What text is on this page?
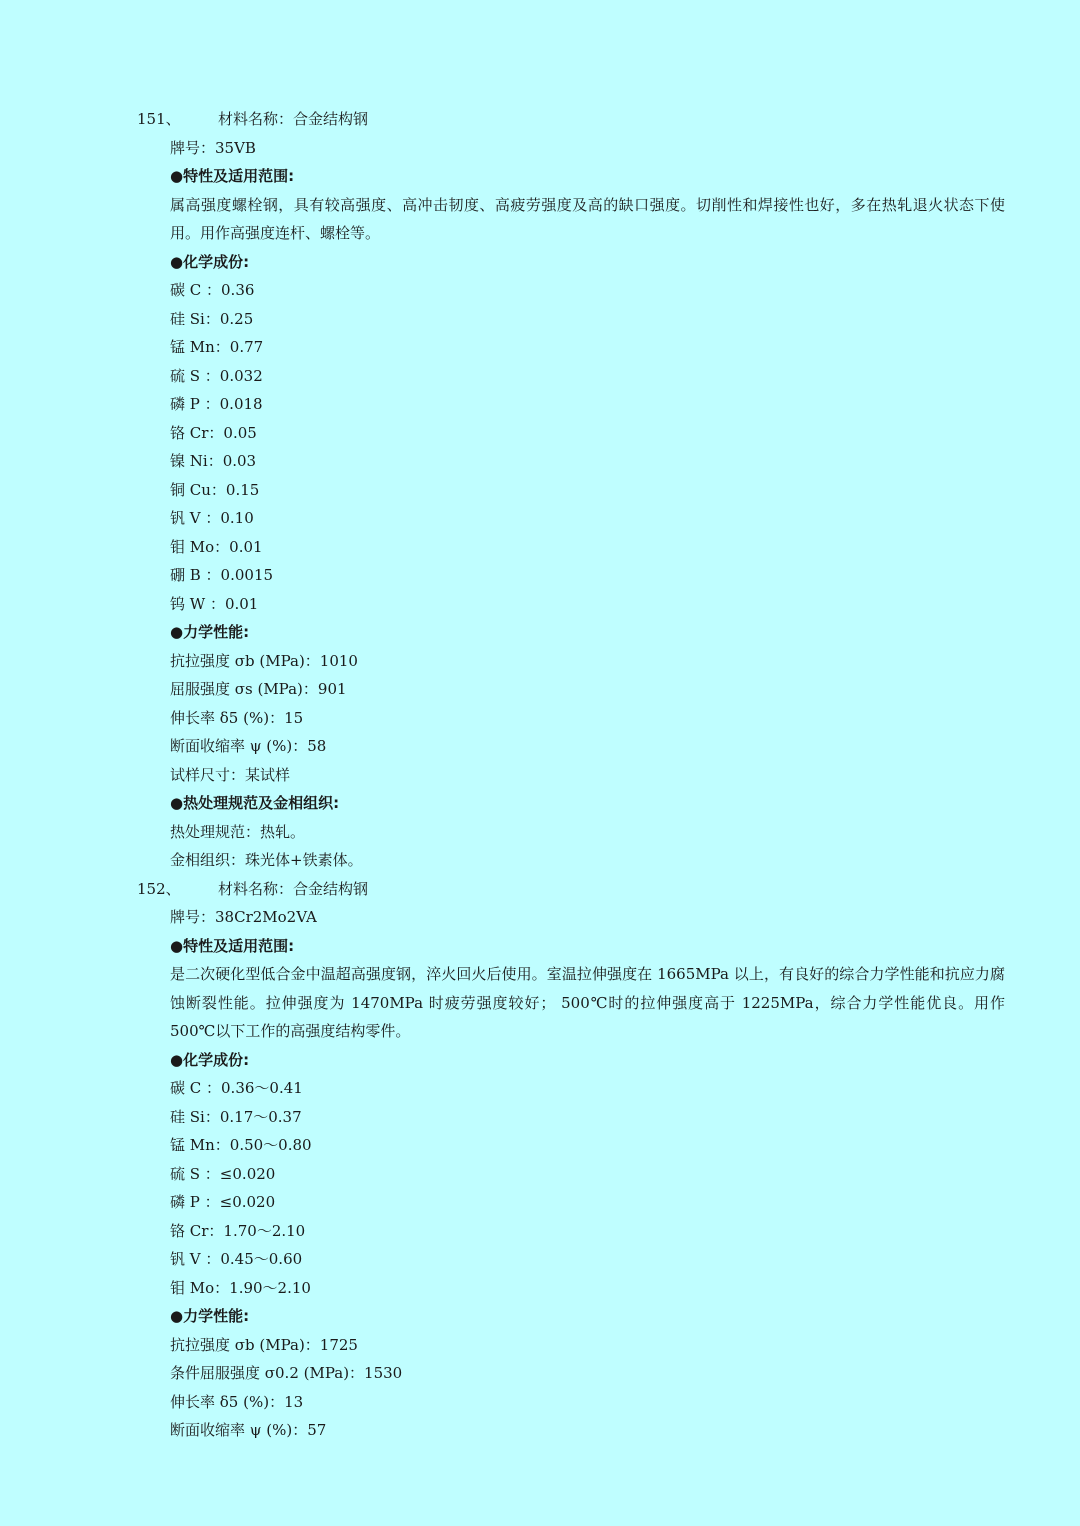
151、 材料名称：合金结构钢
牌号：35VB
●特性及适用范围:
属高强度螺栓钢，具有较高强度、高冲击韧度、高疲劳强度及高的缺口强度。切削性和焊接性也好，多在热轧退火状态下使用。用作高强度连杆、螺栓等。
●化学成份:
碳 C ：0.36
硅 Si：0.25
锰 Mn：0.77
硫 S ：0.032
磷 P ：0.018
铬 Cr：0.05
镍 Ni：0.03
铜 Cu：0.15
钒 V ：0.10
钼 Mo：0.01
硼 B ：0.0015
钨 W ：0.01
●力学性能:
抗拉强度 σb (MPa)：1010
屈服强度 σs (MPa)：901
伸长率 δ5 (%)：15
断面收缩率 ψ (%)：58
试样尺寸：某试样
●热处理规范及金相组织:
热处理规范：热轧。
金相组织：珠光体+铁素体。
152、 材料名称：合金结构钢
牌号：38Cr2Mo2VA
●特性及适用范围:
是二次硬化型低合金中温超高强度钢，淬火回火后使用。室温拉伸强度在 1665MPa 以上，有良好的综合力学性能和抗应力腐蚀断裂性能。拉伸强度为 1470MPa 时疲劳强度较好； 500℃时的拉伸强度高于 1225MPa，综合力学性能优良。用作 500℃以下工作的高强度结构零件。
●化学成份:
碳 C ：0.36～0.41
硅 Si：0.17～0.37
锰 Mn：0.50～0.80
硫 S ：≤0.020
磷 P ：≤0.020
铬 Cr：1.70～2.10
钒 V ：0.45～0.60
钼 Mo：1.90～2.10
●力学性能:
抗拉强度 σb (MPa)：1725
条件屈服强度 σ0.2 (MPa)：1530
伸长率 δ5 (%)：13
断面收缩率 ψ (%)：57
